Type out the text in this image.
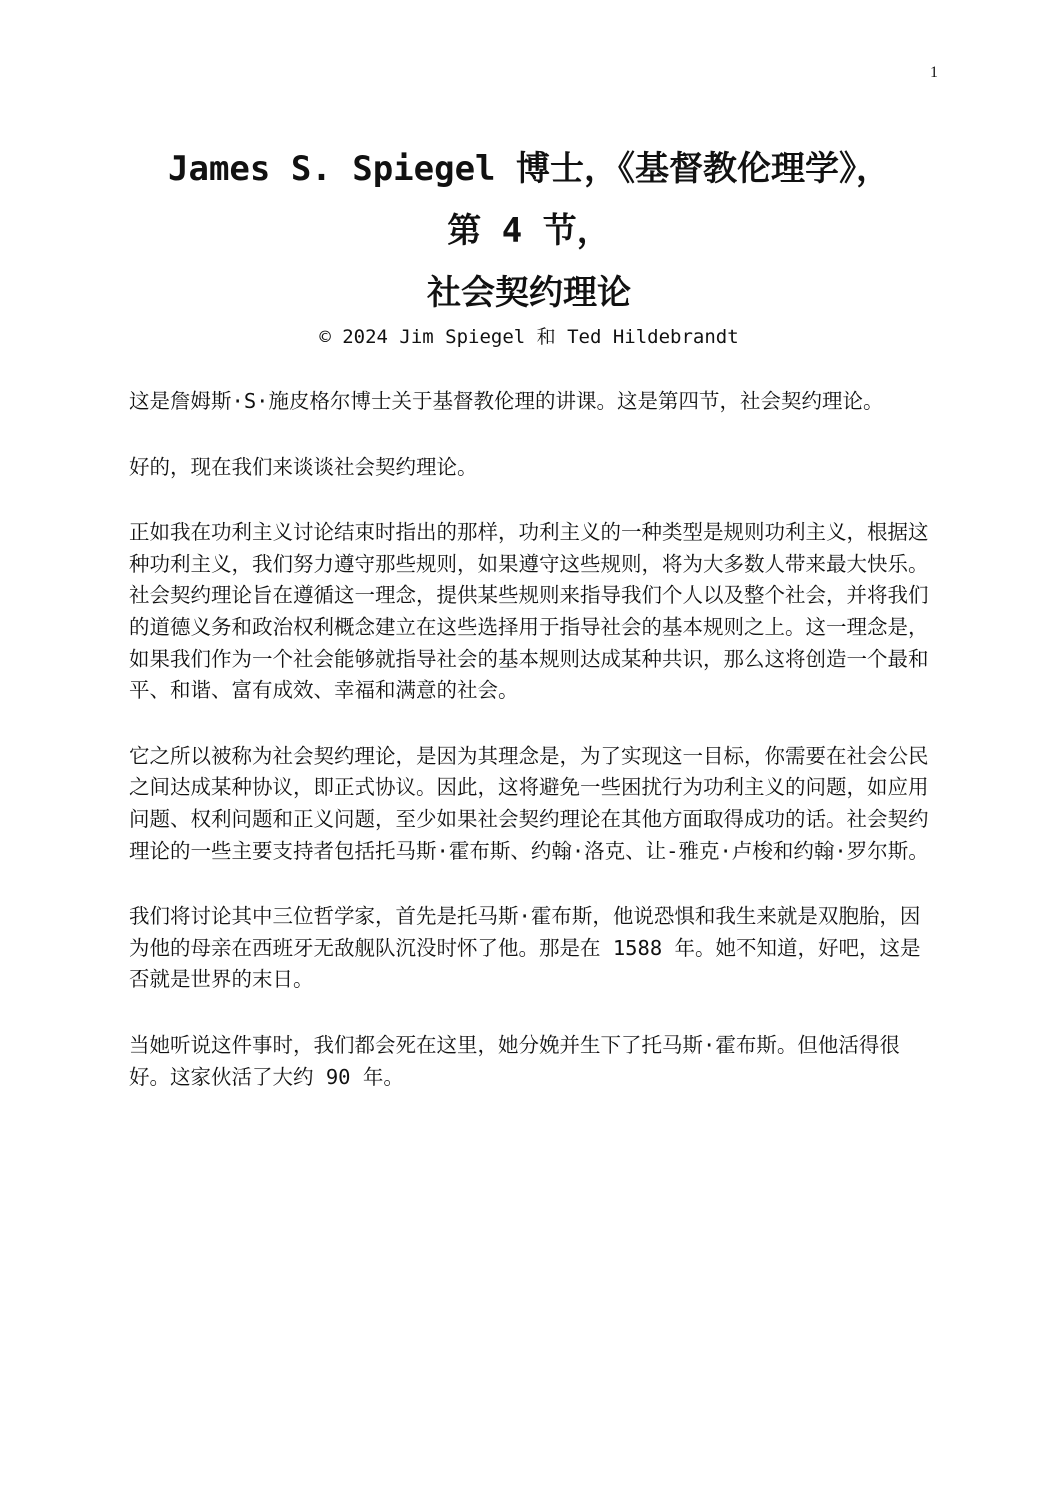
1
James S. Spiegel 博士，《基督教伦理学》，
第 4 节，
社会契约理论
© 2024 Jim Spiegel 和 Ted Hildebrandt

这是詹姆斯·S·施皮格尔博士关于基督教伦理的讲课。这是第四节，社会契约理论。

好的，现在我们来谈谈社会契约理论。

正如我在功利主义讨论结束时指出的那样，功利主义的一种类型是规则功利主义，根据这种功利主义，我们努力遵守那些规则，如果遵守这些规则，将为大多数人带来最大快乐。社会契约理论旨在遵循这一理念，提供某些规则来指导我们个人以及整个社会，并将我们的道德义务和政治权利概念建立在这些选择用于指导社会的基本规则之上。这一理念是，如果我们作为一个社会能够就指导社会的基本规则达成某种共识，那么这将创造一个最和平、和谐、富有成效、幸福和满意的社会。

它之所以被称为社会契约理论，是因为其理念是，为了实现这一目标，你需要在社会公民之间达成某种协议，即正式协议。因此，这将避免一些困扰行为功利主义的问题，如应用问题、权利问题和正义问题，至少如果社会契约理论在其他方面取得成功的话。社会契约理论的一些主要支持者包括托马斯·霍布斯、约翰·洛克、让-雅克·卢梭和约翰·罗尔斯。

我们将讨论其中三位哲学家，首先是托马斯·霍布斯，他说恐惧和我生来就是双胞胎，因为他的母亲在西班牙无敌舰队沉没时怀了他。那是在 1588 年。她不知道，好吧，这是否就是世界的末日。

当她听说这件事时，我们都会死在这里，她分娩并生下了托马斯·霍布斯。但他活得很好。这家伙活了大约 90 年。
